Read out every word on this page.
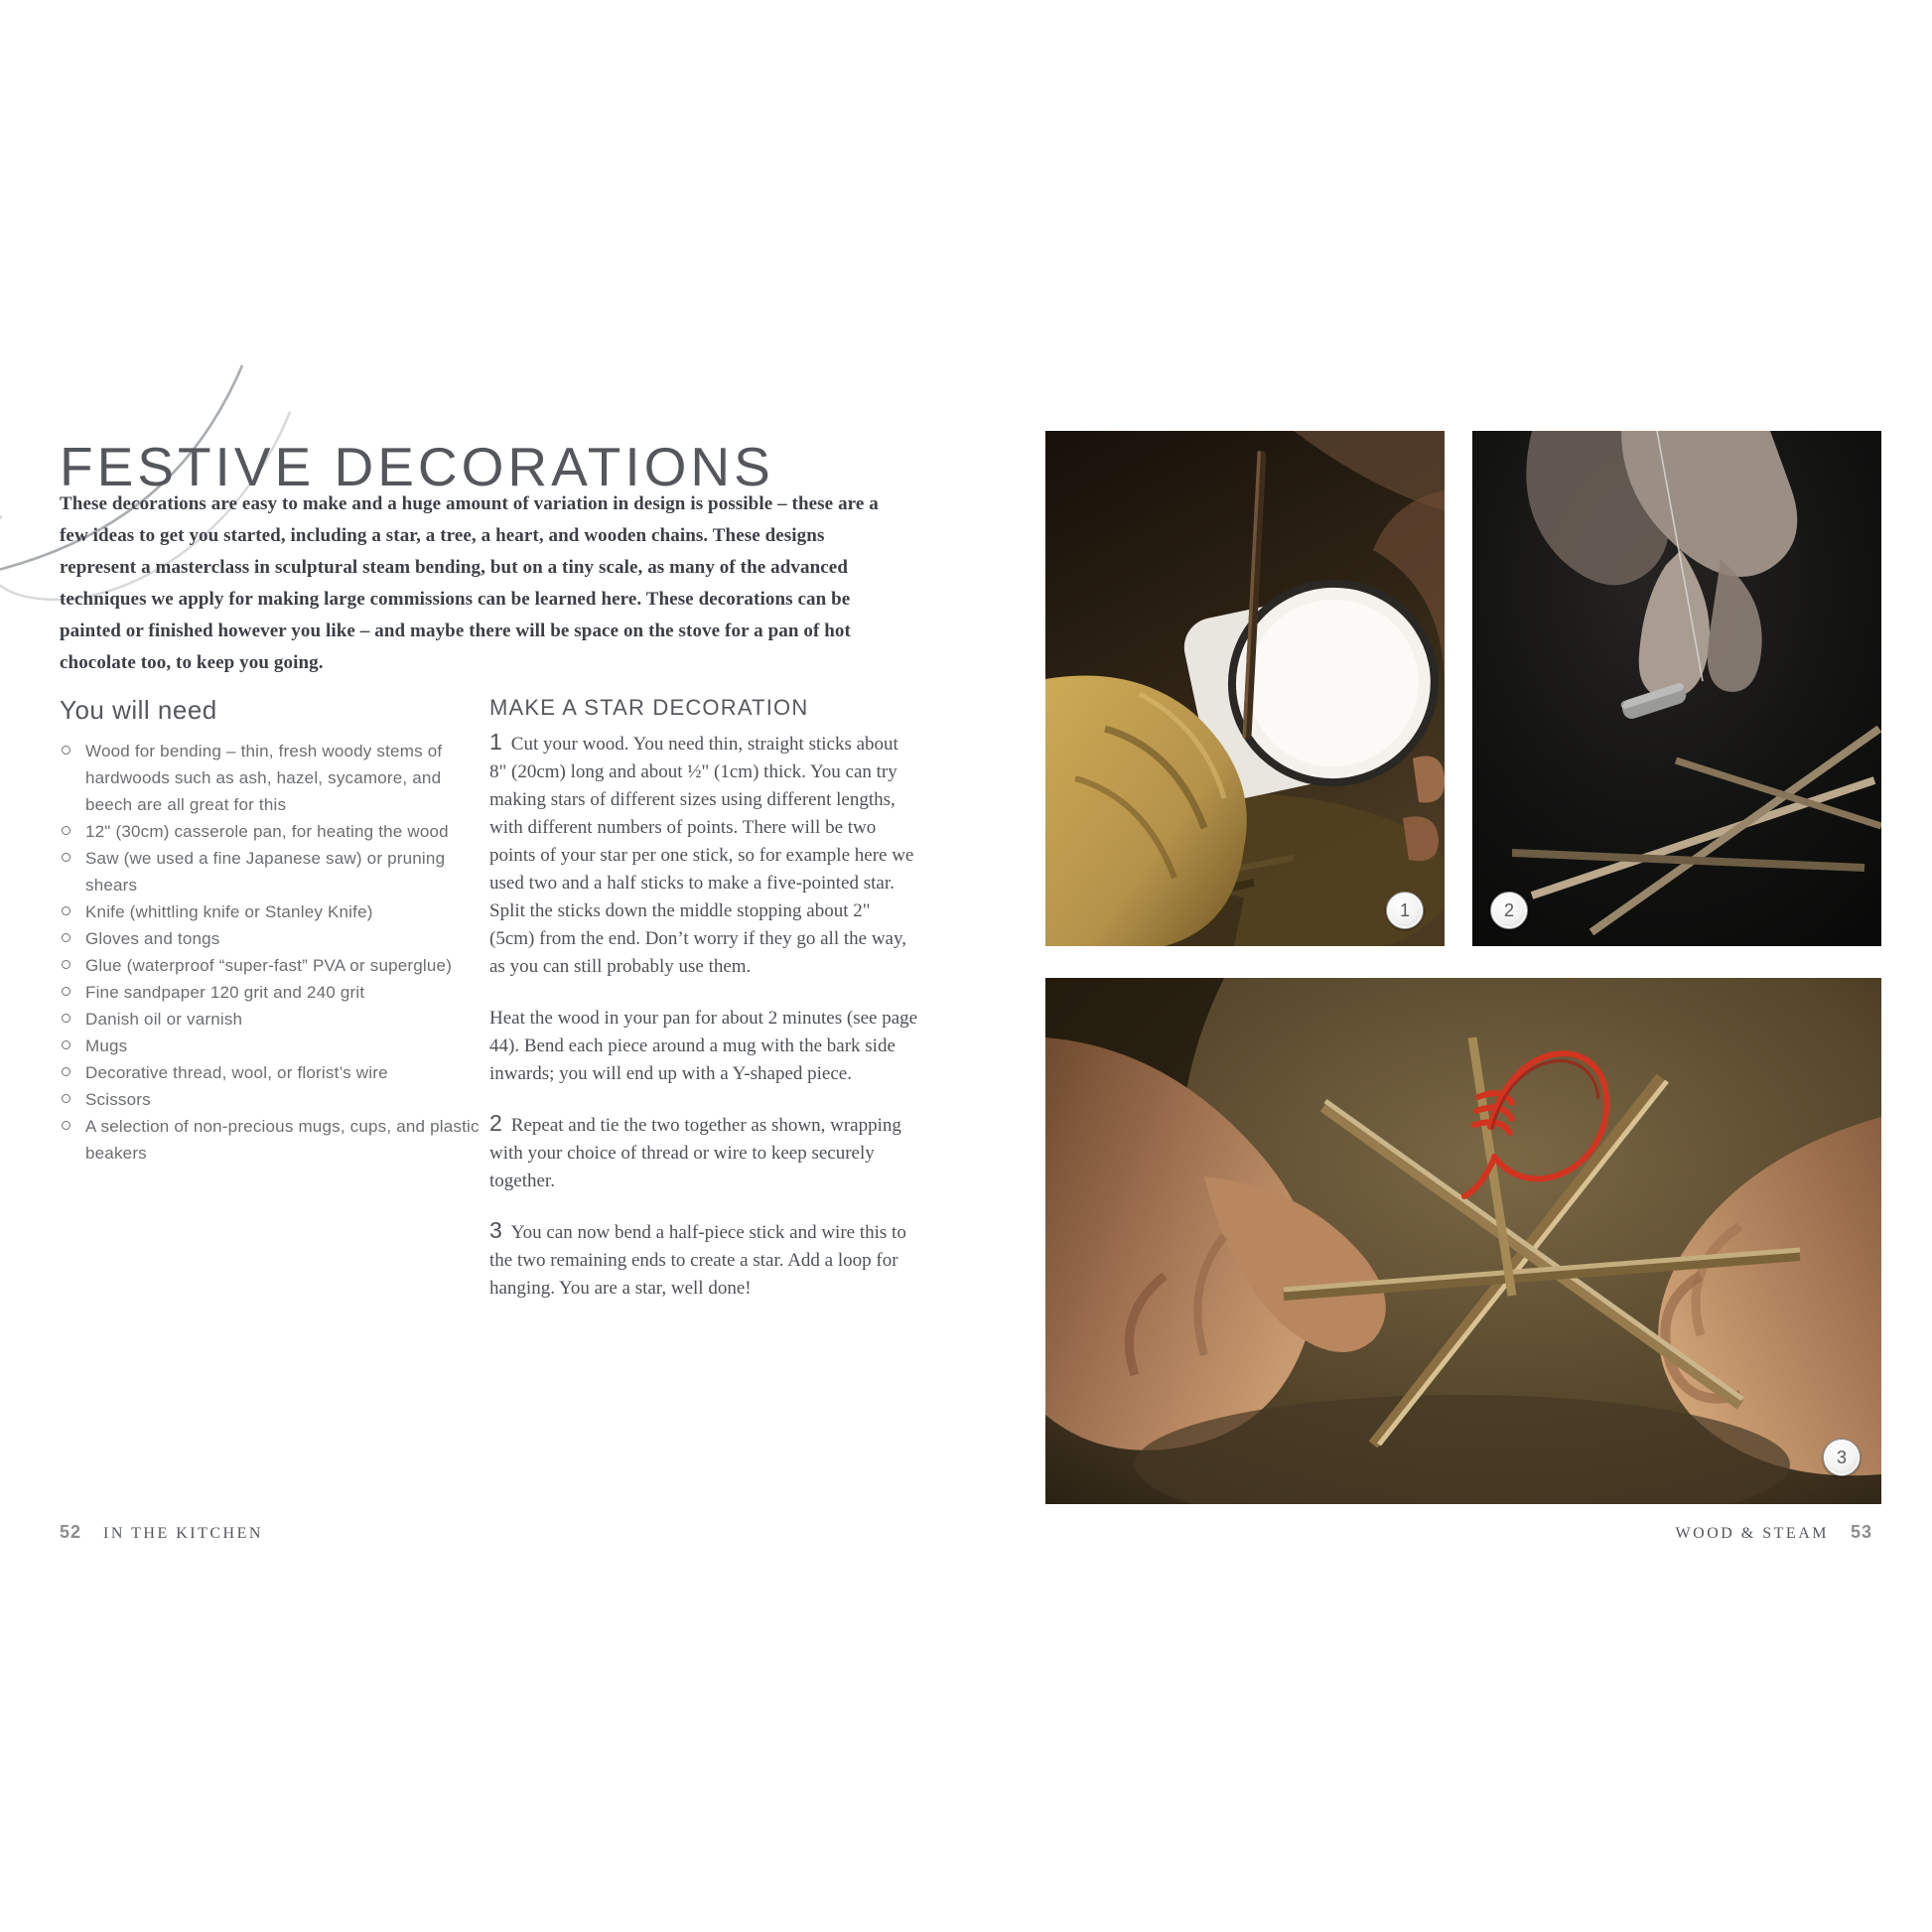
FESTIVE DECORATIONS
These decorations are easy to make and a huge amount of variation in design is possible – these are a few ideas to get you started, including a star, a tree, a heart, and wooden chains. These designs represent a masterclass in sculptural steam bending, but on a tiny scale, as many of the advanced techniques we apply for making large commissions can be learned here. These decorations can be painted or finished however you like – and maybe there will be space on the stove for a pan of hot chocolate too, to keep you going.
You will need
Wood for bending – thin, fresh woody stems of hardwoods such as ash, hazel, sycamore, and beech are all great for this
12" (30cm) casserole pan, for heating the wood
Saw (we used a fine Japanese saw) or pruning shears
Knife (whittling knife or Stanley Knife)
Gloves and tongs
Glue (waterproof “super-fast” PVA or superglue)
Fine sandpaper 120 grit and 240 grit
Danish oil or varnish
Mugs
Decorative thread, wool, or florist’s wire
Scissors
A selection of non-precious mugs, cups, and plastic beakers
MAKE A STAR DECORATION

1 Cut your wood. You need thin, straight sticks about 8" (20cm) long and about ½" (1cm) thick. You can try making stars of different sizes using different lengths, with different numbers of points. There will be two points of your star per one stick, so for example here we used two and a half sticks to make a five-pointed star. Split the sticks down the middle stopping about 2" (5cm) from the end. Don’t worry if they go all the way, as you can still probably use them.

Heat the wood in your pan for about 2 minutes (see page 44). Bend each piece around a mug with the bark side inwards; you will end up with a Y-shaped piece.

2 Repeat and tie the two together as shown, wrapping with your choice of thread or wire to keep securely together.

3 You can now bend a half-piece stick and wire this to the two remaining ends to create a star. Add a loop for hanging. You are a star, well done!

1	2
3
52 IN THE KITCHEN	WOOD & STEAM 53
